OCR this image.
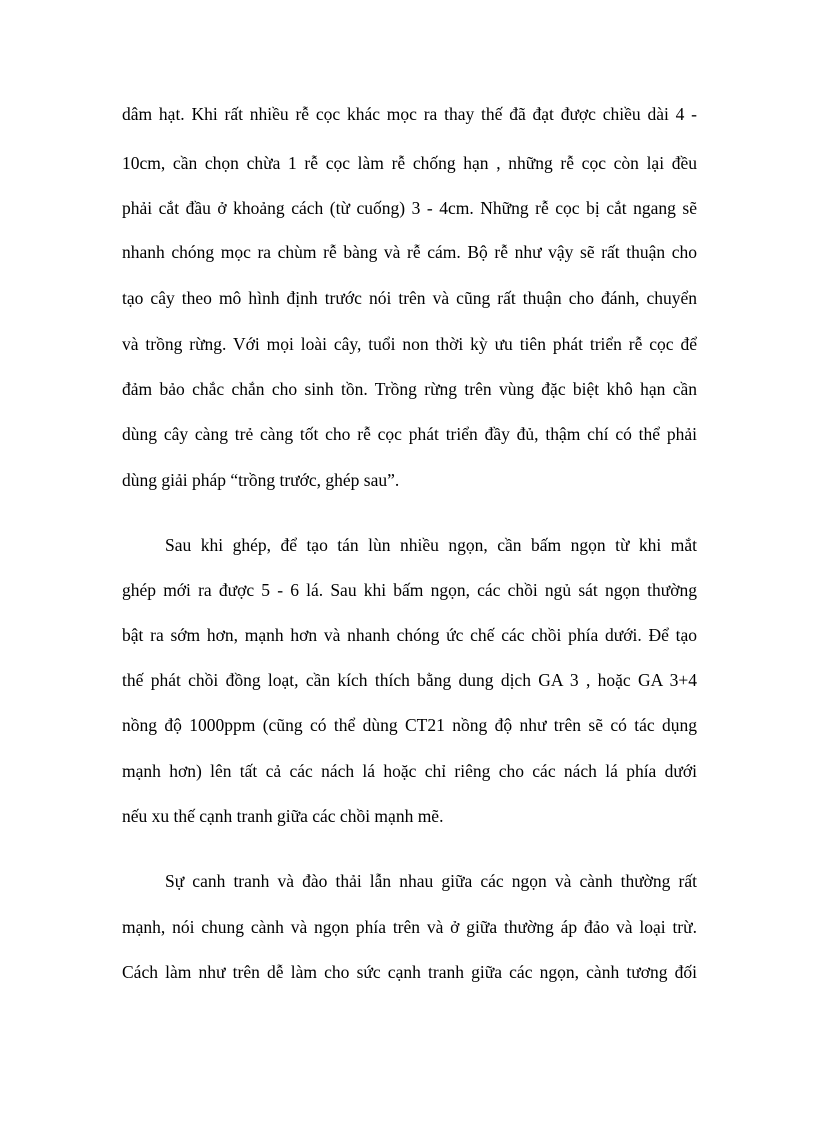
dâm hạt. Khi rất nhiều rễ cọc khác mọc ra thay thế đã đạt được chiều dài 4 -

10cm, cần chọn chừa 1 rễ cọc làm rễ chống hạn , những rễ cọc còn lại đều

phải cắt đầu ở khoảng cách (từ cuống) 3 - 4cm. Những rễ cọc bị cắt ngang sẽ

nhanh chóng mọc ra chùm rễ bàng và rễ cám. Bộ rễ như vậy sẽ rất thuận cho

tạo cây theo mô hình định trước nói trên và cũng rất thuận cho đánh, chuyển

và trồng rừng. Với mọi loài cây, tuổi non thời kỳ ưu tiên phát triển rễ cọc để

đảm bảo chắc chắn cho sinh tồn. Trồng rừng trên vùng đặc biệt khô hạn cần

dùng cây càng trẻ càng tốt cho rễ cọc phát triển đầy đủ, thậm chí có thể phải

dùng giải pháp “trồng trước, ghép sau”.

Sau khi ghép, để tạo tán lùn nhiều ngọn, cần bấm ngọn từ khi mắt

ghép mới ra được 5 - 6 lá. Sau khi bấm ngọn, các chồi ngủ sát ngọn thường

bật ra sớm hơn, mạnh hơn và nhanh chóng ức chế các chồi phía dưới. Để tạo

thế phát chồi đồng loạt, cần kích thích bằng dung dịch GA 3 , hoặc GA 3+4

nồng độ 1000ppm (cũng có thể dùng CT21 nồng độ như trên sẽ có tác dụng

mạnh hơn) lên tất cả các nách lá hoặc chỉ riêng cho các nách lá phía dưới

nếu xu thế cạnh tranh giữa các chồi mạnh mẽ.

Sự canh tranh và đào thải lẫn nhau giữa các ngọn và cành thường rất

mạnh, nói chung cành và ngọn phía trên và ở giữa thường áp đảo và loại trừ.

Cách làm như trên dễ làm cho sức cạnh tranh giữa các ngọn, cành tương đối
